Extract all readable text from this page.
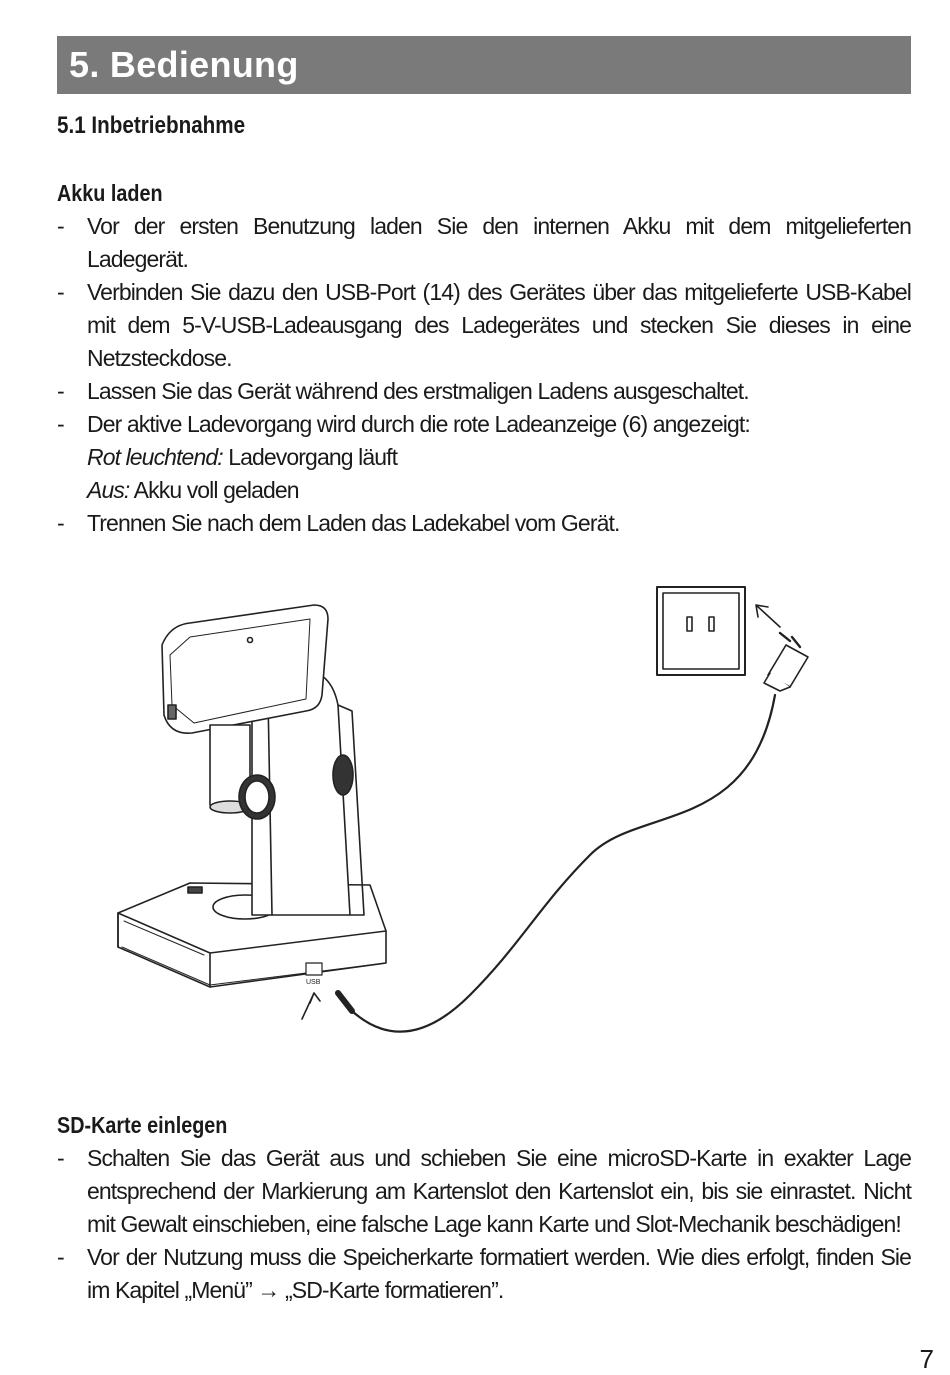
5. Bedienung
5.1 Inbetriebnahme
Akku laden
- Vor der ersten Benutzung laden Sie den internen Akku mit dem mitgelieferten Ladegerät.
- Verbinden Sie dazu den USB-Port (14) des Gerätes über das mitgelieferte USB-Kabel mit dem 5-V-USB-Ladeausgang des Ladegerätes und stecken Sie dieses in eine Netzsteckdose.
- Lassen Sie das Gerät während des erstmaligen Ladens ausgeschaltet.
- Der aktive Ladevorgang wird durch die rote Ladeanzeige (6) angezeigt:
Rot leuchtend: Ladevorgang läuft
Aus: Akku voll geladen
- Trennen Sie nach dem Laden das Ladekabel vom Gerät.
USB
SD-Karte einlegen
- Schalten Sie das Gerät aus und schieben Sie eine microSD-Karte in exakter Lage entsprechend der Markierung am Kartenslot den Kartenslot ein, bis sie einrastet. Nicht mit Gewalt einschieben, eine falsche Lage kann Karte und Slot-Mechanik beschädigen!
- Vor der Nutzung muss die Speicherkarte formatiert werden. Wie dies erfolgt, finden Sie im Kapitel „Menü” → „SD-Karte formatieren”.
7
